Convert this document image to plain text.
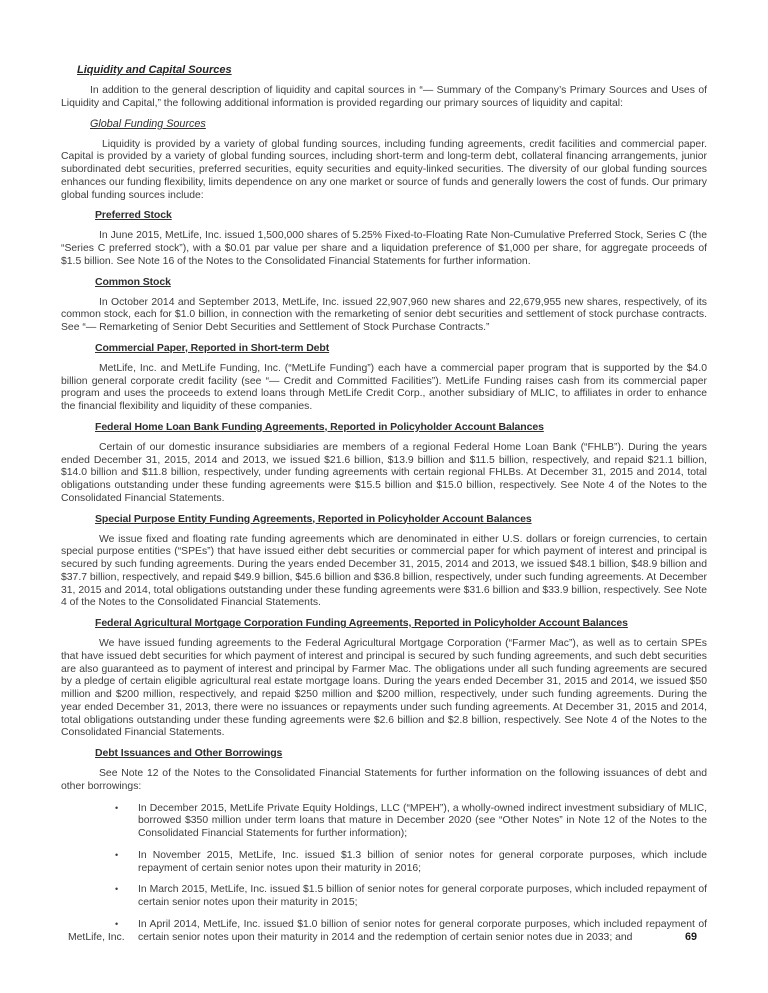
Liquidity and Capital Sources

In addition to the general description of liquidity and capital sources in “— Summary of the Company’s Primary Sources and Uses of Liquidity and Capital,” the following additional information is provided regarding our primary sources of liquidity and capital:

Global Funding Sources

Liquidity is provided by a variety of global funding sources, including funding agreements, credit facilities and commercial paper. Capital is provided by a variety of global funding sources, including short-term and long-term debt, collateral financing arrangements, junior subordinated debt securities, preferred securities, equity securities and equity-linked securities. The diversity of our global funding sources enhances our funding flexibility, limits dependence on any one market or source of funds and generally lowers the cost of funds. Our primary global funding sources include:

Preferred Stock

In June 2015, MetLife, Inc. issued 1,500,000 shares of 5.25% Fixed-to-Floating Rate Non-Cumulative Preferred Stock, Series C (the “Series C preferred stock”), with a $0.01 par value per share and a liquidation preference of $1,000 per share, for aggregate proceeds of $1.5 billion. See Note 16 of the Notes to the Consolidated Financial Statements for further information.

Common Stock

In October 2014 and September 2013, MetLife, Inc. issued 22,907,960 new shares and 22,679,955 new shares, respectively, of its common stock, each for $1.0 billion, in connection with the remarketing of senior debt securities and settlement of stock purchase contracts. See “— Remarketing of Senior Debt Securities and Settlement of Stock Purchase Contracts.”

Commercial Paper, Reported in Short-term Debt

MetLife, Inc. and MetLife Funding, Inc. (“MetLife Funding”) each have a commercial paper program that is supported by the $4.0 billion general corporate credit facility (see “— Credit and Committed Facilities”). MetLife Funding raises cash from its commercial paper program and uses the proceeds to extend loans through MetLife Credit Corp., another subsidiary of MLIC, to affiliates in order to enhance the financial flexibility and liquidity of these companies.

Federal Home Loan Bank Funding Agreements, Reported in Policyholder Account Balances

Certain of our domestic insurance subsidiaries are members of a regional Federal Home Loan Bank (“FHLB”). During the years ended December 31, 2015, 2014 and 2013, we issued $21.6 billion, $13.9 billion and $11.5 billion, respectively, and repaid $21.1 billion, $14.0 billion and $11.8 billion, respectively, under funding agreements with certain regional FHLBs. At December 31, 2015 and 2014, total obligations outstanding under these funding agreements were $15.5 billion and $15.0 billion, respectively. See Note 4 of the Notes to the Consolidated Financial Statements.

Special Purpose Entity Funding Agreements, Reported in Policyholder Account Balances

We issue fixed and floating rate funding agreements which are denominated in either U.S. dollars or foreign currencies, to certain special purpose entities (“SPEs”) that have issued either debt securities or commercial paper for which payment of interest and principal is secured by such funding agreements. During the years ended December 31, 2015, 2014 and 2013, we issued $48.1 billion, $48.9 billion and $37.7 billion, respectively, and repaid $49.9 billion, $45.6 billion and $36.8 billion, respectively, under such funding agreements. At December 31, 2015 and 2014, total obligations outstanding under these funding agreements were $31.6 billion and $33.9 billion, respectively. See Note 4 of the Notes to the Consolidated Financial Statements.

Federal Agricultural Mortgage Corporation Funding Agreements, Reported in Policyholder Account Balances

We have issued funding agreements to the Federal Agricultural Mortgage Corporation (“Farmer Mac”), as well as to certain SPEs that have issued debt securities for which payment of interest and principal is secured by such funding agreements, and such debt securities are also guaranteed as to payment of interest and principal by Farmer Mac. The obligations under all such funding agreements are secured by a pledge of certain eligible agricultural real estate mortgage loans. During the years ended December 31, 2015 and 2014, we issued $50 million and $200 million, respectively, and repaid $250 million and $200 million, respectively, under such funding agreements. During the year ended December 31, 2013, there were no issuances or repayments under such funding agreements. At December 31, 2015 and 2014, total obligations outstanding under these funding agreements were $2.6 billion and $2.8 billion, respectively. See Note 4 of the Notes to the Consolidated Financial Statements.

Debt Issuances and Other Borrowings

See Note 12 of the Notes to the Consolidated Financial Statements for further information on the following issuances of debt and other borrowings:

• In December 2015, MetLife Private Equity Holdings, LLC (“MPEH”), a wholly-owned indirect investment subsidiary of MLIC, borrowed $350 million under term loans that mature in December 2020 (see “Other Notes” in Note 12 of the Notes to the Consolidated Financial Statements for further information);
• In November 2015, MetLife, Inc. issued $1.3 billion of senior notes for general corporate purposes, which include repayment of certain senior notes upon their maturity in 2016;
• In March 2015, MetLife, Inc. issued $1.5 billion of senior notes for general corporate purposes, which included repayment of certain senior notes upon their maturity in 2015;
• In April 2014, MetLife, Inc. issued $1.0 billion of senior notes for general corporate purposes, which included repayment of certain senior notes upon their maturity in 2014 and the redemption of certain senior notes due in 2033; and
MetLife, Inc.	69
